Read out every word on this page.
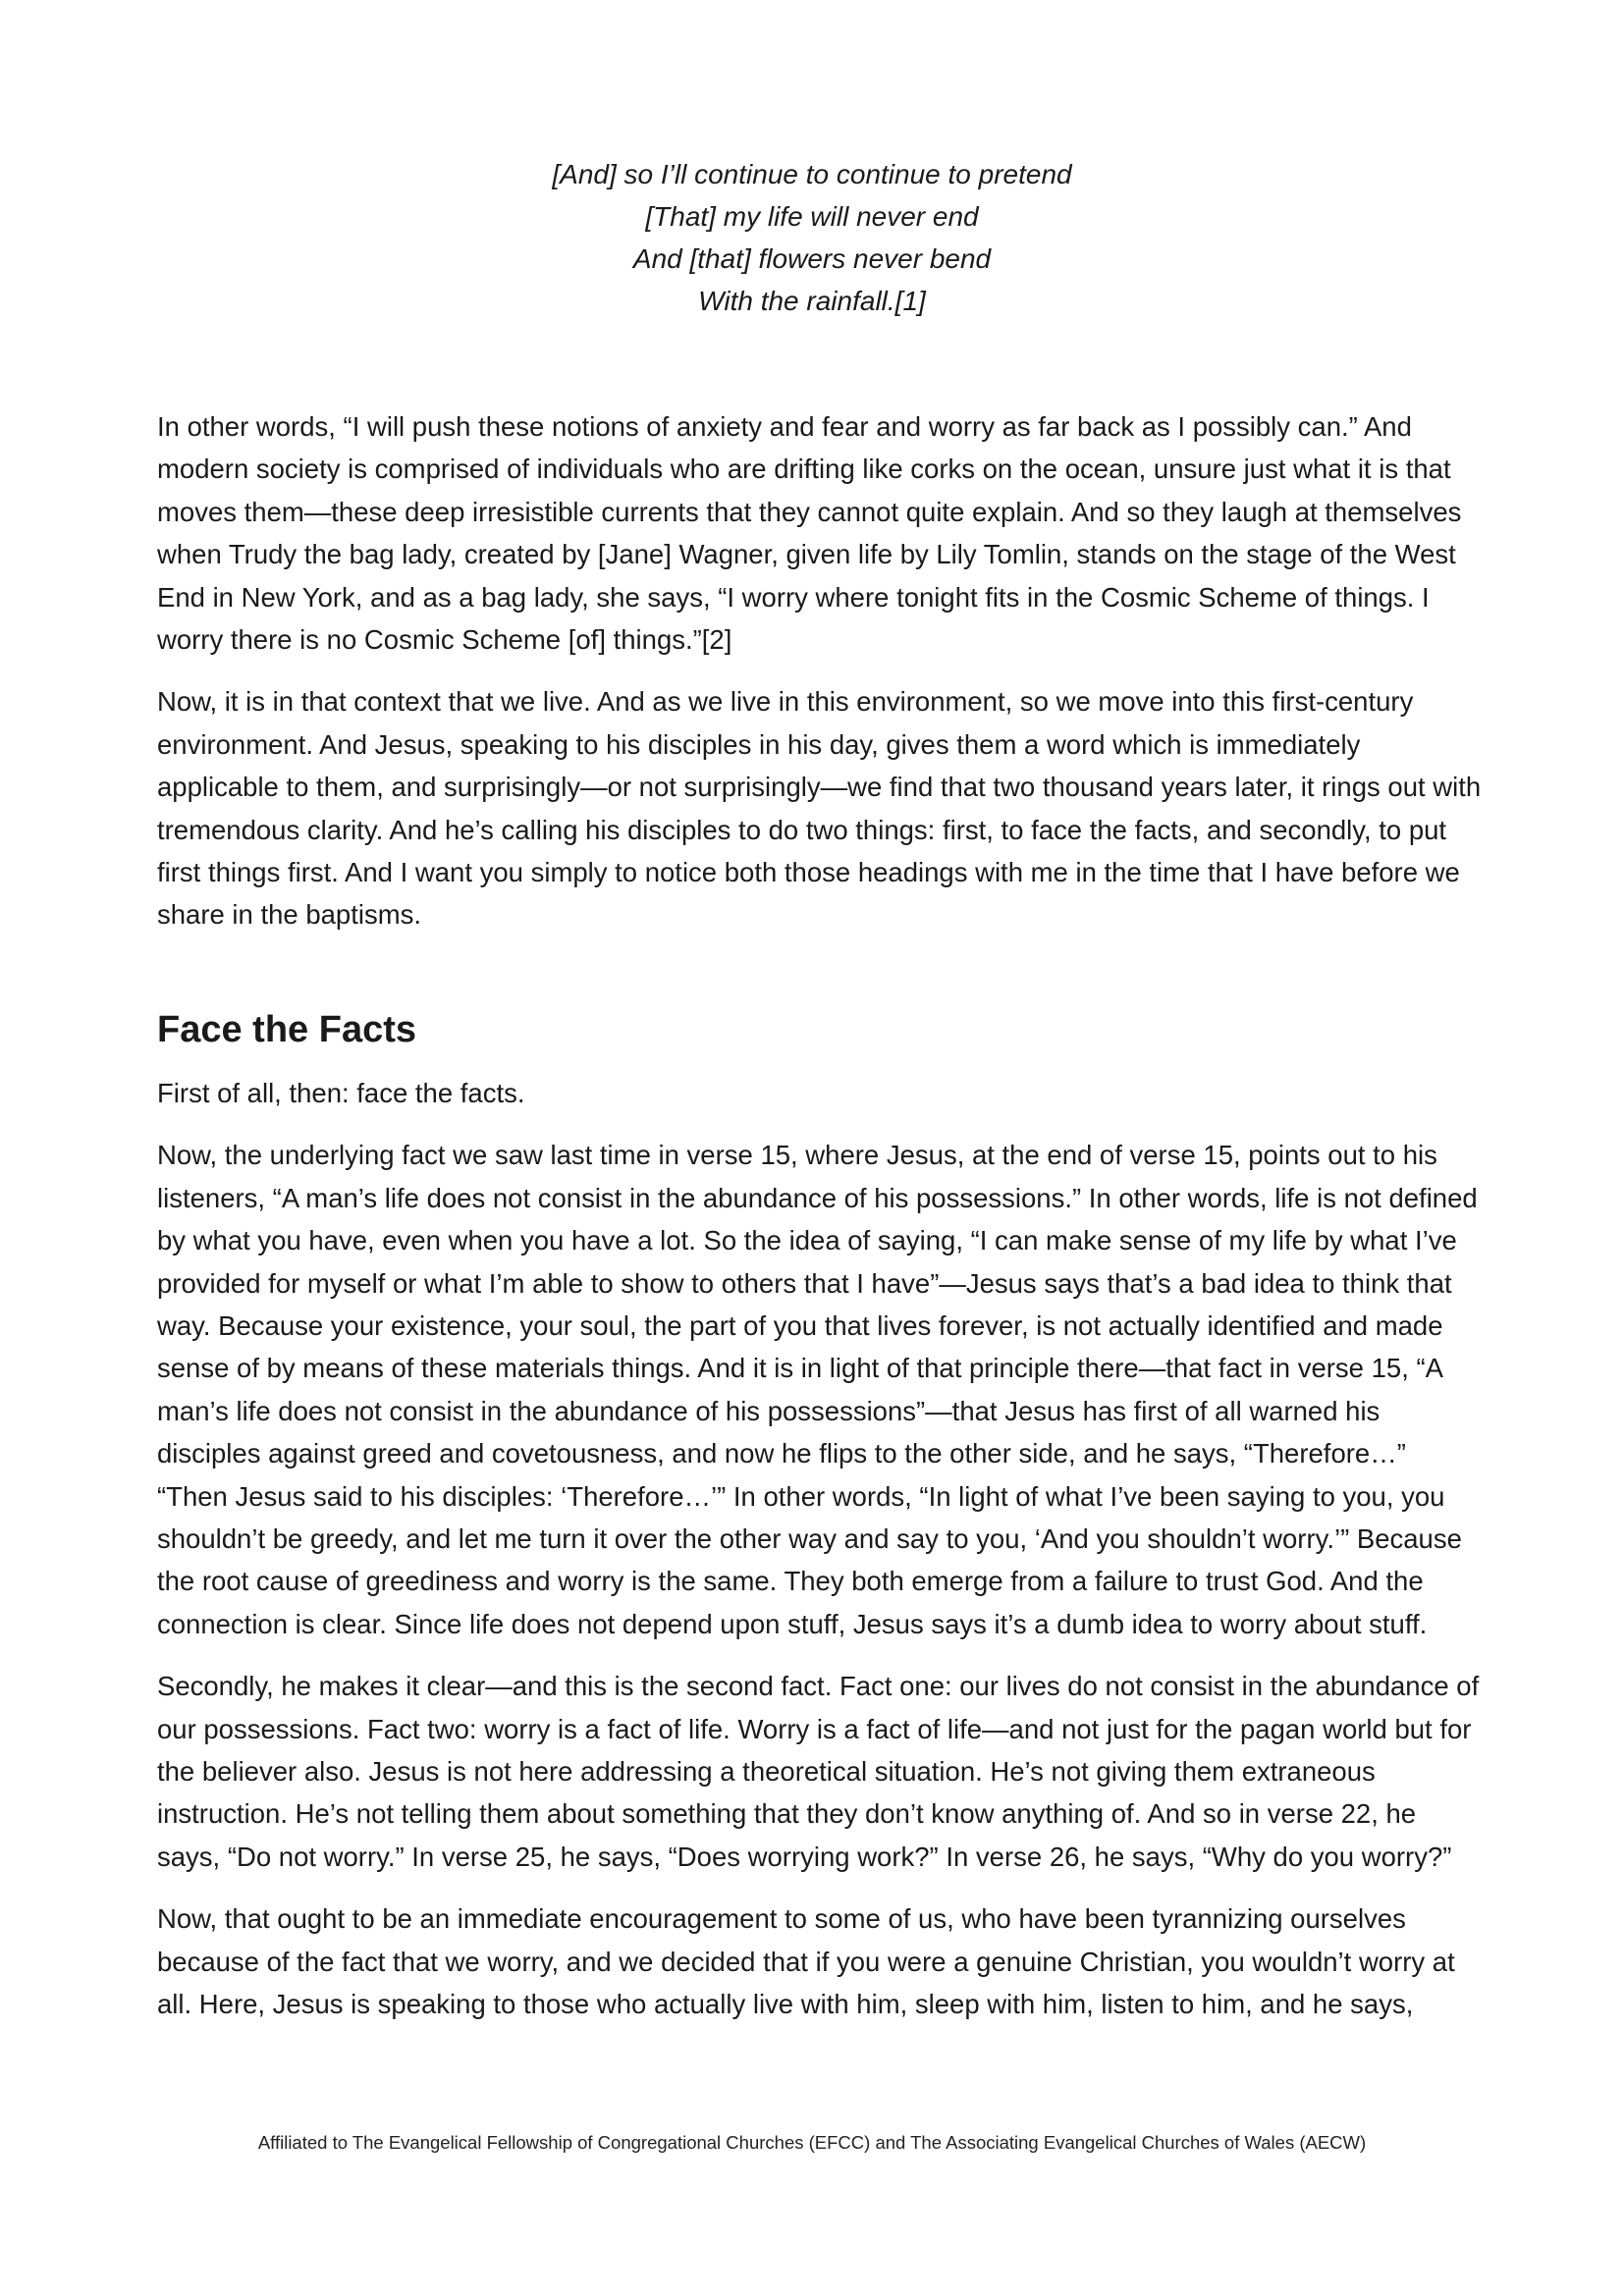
[And] so I’ll continue to continue to pretend
[That] my life will never end
And [that] flowers never bend
With the rainfall.[1]

In other words, “I will push these notions of anxiety and fear and worry as far back as I possibly can.” And modern society is comprised of individuals who are drifting like corks on the ocean, unsure just what it is that moves them—these deep irresistible currents that they cannot quite explain. And so they laugh at themselves when Trudy the bag lady, created by [Jane] Wagner, given life by Lily Tomlin, stands on the stage of the West End in New York, and as a bag lady, she says, “I worry where tonight fits in the Cosmic Scheme of things. I worry there is no Cosmic Scheme [of] things.”[2]

Now, it is in that context that we live. And as we live in this environment, so we move into this first-century environment. And Jesus, speaking to his disciples in his day, gives them a word which is immediately applicable to them, and surprisingly—or not surprisingly—we find that two thousand years later, it rings out with tremendous clarity. And he’s calling his disciples to do two things: first, to face the facts, and secondly, to put first things first. And I want you simply to notice both those headings with me in the time that I have before we share in the baptisms.

Face the Facts

First of all, then: face the facts.

Now, the underlying fact we saw last time in verse 15, where Jesus, at the end of verse 15, points out to his listeners, “A man’s life does not consist in the abundance of his possessions.” In other words, life is not defined by what you have, even when you have a lot. So the idea of saying, “I can make sense of my life by what I’ve provided for myself or what I’m able to show to others that I have”—Jesus says that’s a bad idea to think that way. Because your existence, your soul, the part of you that lives forever, is not actually identified and made sense of by means of these materials things. And it is in light of that principle there—that fact in verse 15, “A man’s life does not consist in the abundance of his possessions”—that Jesus has first of all warned his disciples against greed and covetousness, and now he flips to the other side, and he says, “Therefore…” “Then Jesus said to his disciples: ‘Therefore…’” In other words, “In light of what I’ve been saying to you, you shouldn’t be greedy, and let me turn it over the other way and say to you, ‘And you shouldn’t worry.’” Because the root cause of greediness and worry is the same. They both emerge from a failure to trust God. And the connection is clear. Since life does not depend upon stuff, Jesus says it’s a dumb idea to worry about stuff.

Secondly, he makes it clear—and this is the second fact. Fact one: our lives do not consist in the abundance of our possessions. Fact two: worry is a fact of life. Worry is a fact of life—and not just for the pagan world but for the believer also. Jesus is not here addressing a theoretical situation. He’s not giving them extraneous instruction. He’s not telling them about something that they don’t know anything of. And so in verse 22, he says, “Do not worry.” In verse 25, he says, “Does worrying work?” In verse 26, he says, “Why do you worry?”

Now, that ought to be an immediate encouragement to some of us, who have been tyrannizing ourselves because of the fact that we worry, and we decided that if you were a genuine Christian, you wouldn’t worry at all. Here, Jesus is speaking to those who actually live with him, sleep with him, listen to him, and he says,

Affiliated to The Evangelical Fellowship of Congregational Churches (EFCC) and The Associating Evangelical Churches of Wales (AECW)
